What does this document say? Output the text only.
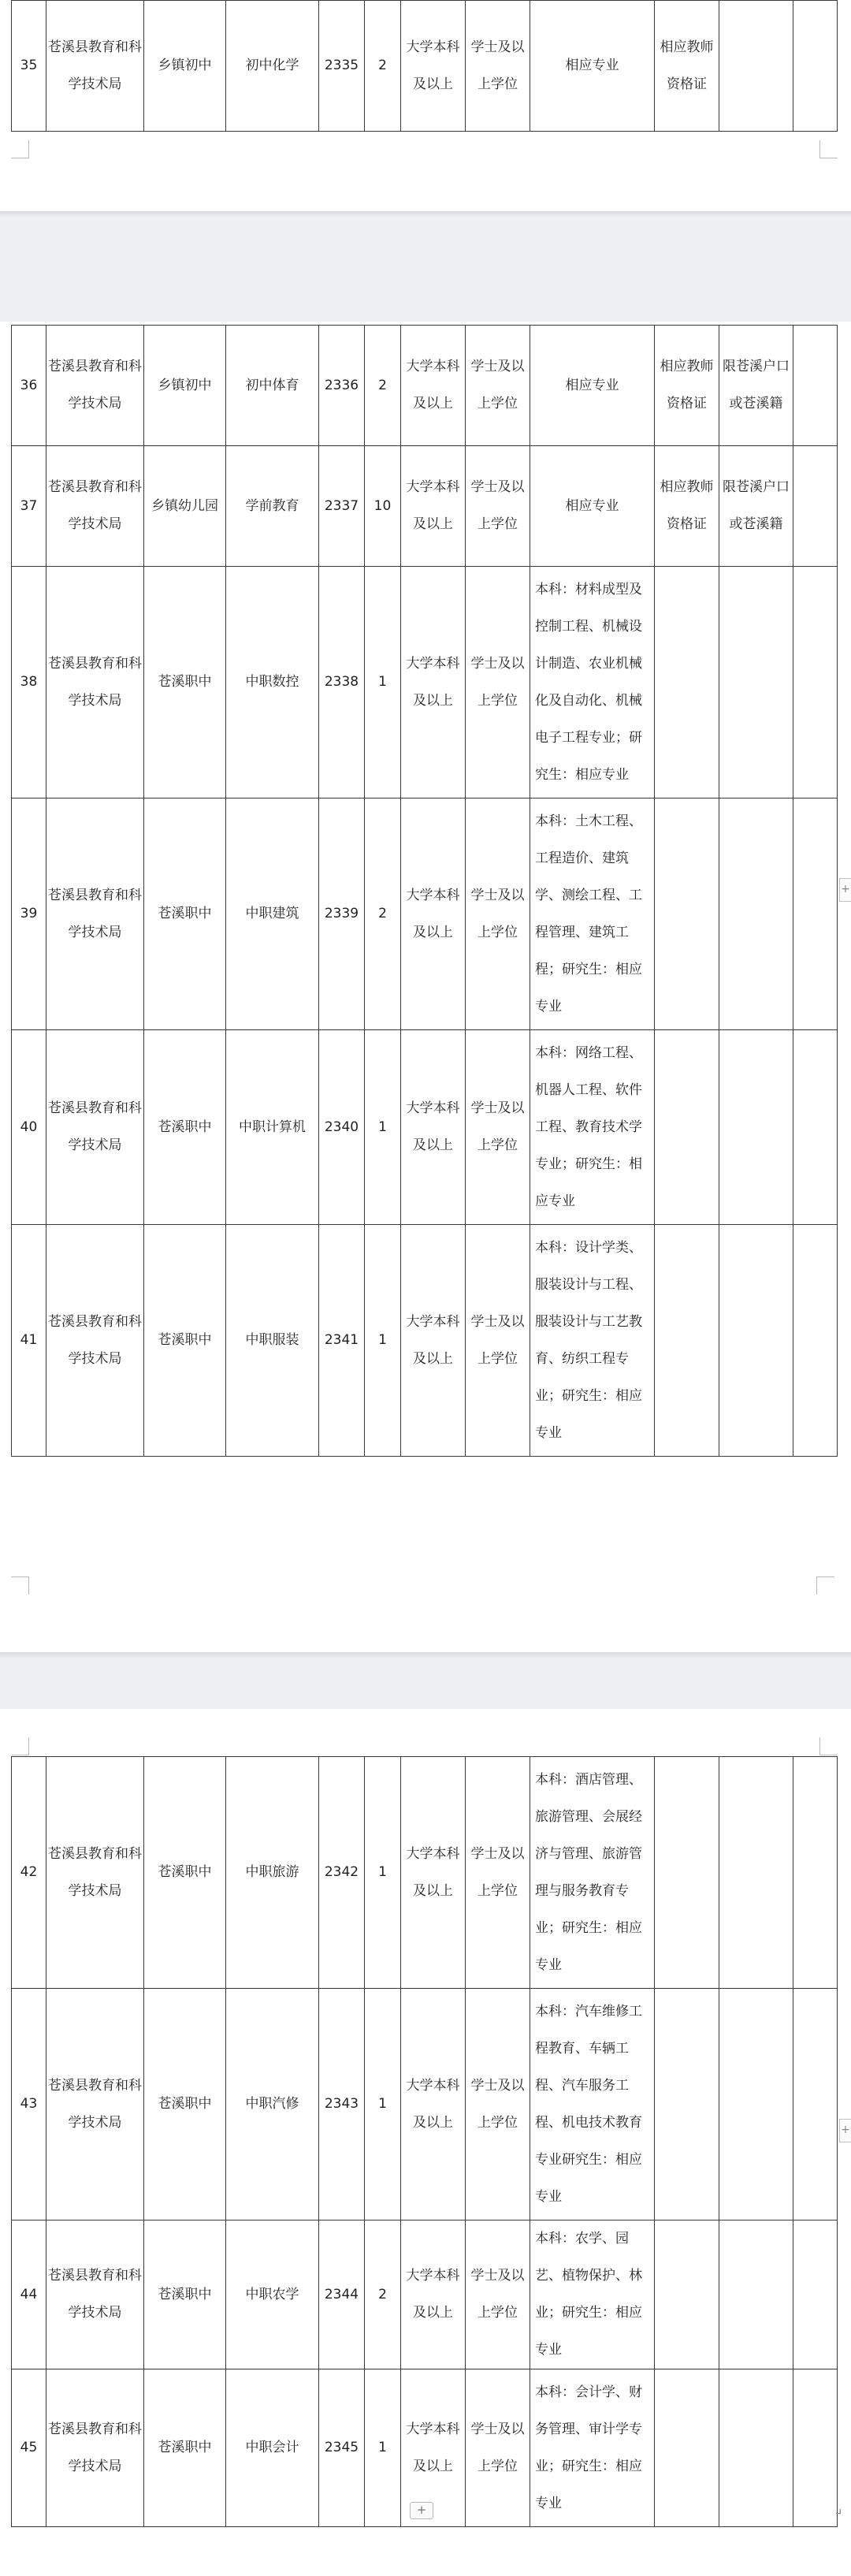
35	苍溪县教育和科学技术局	乡镇初中	初中化学	2335	2	大学本科及以上	学士及以上学位	相应专业	相应教师资格证		
36	苍溪县教育和科学技术局	乡镇初中	初中体育	2336	2	大学本科及以上	学士及以上学位	相应专业	相应教师资格证	限苍溪户口或苍溪籍	
37	苍溪县教育和科学技术局	乡镇幼儿园	学前教育	2337	10	大学本科及以上	学士及以上学位	相应专业	相应教师资格证	限苍溪户口或苍溪籍	
38	苍溪县教育和科学技术局	苍溪职中	中职数控	2338	1	大学本科及以上	学士及以上学位	本科：材料成型及控制工程、机械设计制造、农业机械化及自动化、机械电子工程专业；研究生：相应专业			
39	苍溪县教育和科学技术局	苍溪职中	中职建筑	2339	2	大学本科及以上	学士及以上学位	本科：土木工程、工程造价、建筑学、测绘工程、工程管理、建筑工程；研究生：相应专业			
40	苍溪县教育和科学技术局	苍溪职中	中职计算机	2340	1	大学本科及以上	学士及以上学位	本科：网络工程、机器人工程、软件工程、教育技术学专业；研究生：相应专业			
41	苍溪县教育和科学技术局	苍溪职中	中职服装	2341	1	大学本科及以上	学士及以上学位	本科：设计学类、服装设计与工程、服装设计与工艺教育、纺织工程专业；研究生：相应专业			
+
42	苍溪县教育和科学技术局	苍溪职中	中职旅游	2342	1	大学本科及以上	学士及以上学位	本科：酒店管理、旅游管理、会展经济与管理、旅游管理与服务教育专业；研究生：相应专业			
43	苍溪县教育和科学技术局	苍溪职中	中职汽修	2343	1	大学本科及以上	学士及以上学位	本科：汽车维修工程教育、车辆工程、汽车服务工程、机电技术教育专业研究生：相应专业			
44	苍溪县教育和科学技术局	苍溪职中	中职农学	2344	2	大学本科及以上	学士及以上学位	本科：农学、园艺、植物保护、林业；研究生：相应专业			
45	苍溪县教育和科学技术局	苍溪职中	中职会计	2345	1	大学本科及以上	学士及以上学位	本科：会计学、财务管理、审计学专业；研究生：相应专业			
+
+	⌟
